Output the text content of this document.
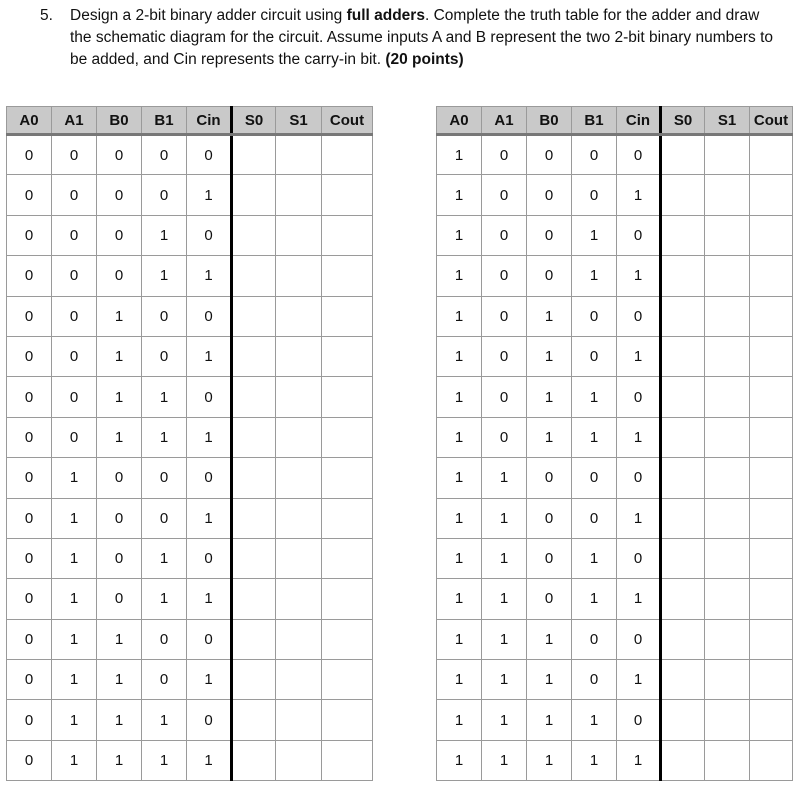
5. Design a 2-bit binary adder circuit using full adders. Complete the truth table for the adder and draw the schematic diagram for the circuit. Assume inputs A and B represent the two 2-bit binary numbers to be added, and Cin represents the carry-in bit. (20 points)
A0	A1	B0	B1	Cin	S0	S1	Cout
0	0	0	0	0			
0	0	0	0	1			
0	0	0	1	0			
0	0	0	1	1			
0	0	1	0	0			
0	0	1	0	1			
0	0	1	1	0			
0	0	1	1	1			
0	1	0	0	0			
0	1	0	0	1			
0	1	0	1	0			
0	1	0	1	1			
0	1	1	0	0			
0	1	1	0	1			
0	1	1	1	0			
0	1	1	1	1			
A0	A1	B0	B1	Cin	S0	S1	Cout
1	0	0	0	0			
1	0	0	0	1			
1	0	0	1	0			
1	0	0	1	1			
1	0	1	0	0			
1	0	1	0	1			
1	0	1	1	0			
1	0	1	1	1			
1	1	0	0	0			
1	1	0	0	1			
1	1	0	1	0			
1	1	0	1	1			
1	1	1	0	0			
1	1	1	0	1			
1	1	1	1	0			
1	1	1	1	1			
